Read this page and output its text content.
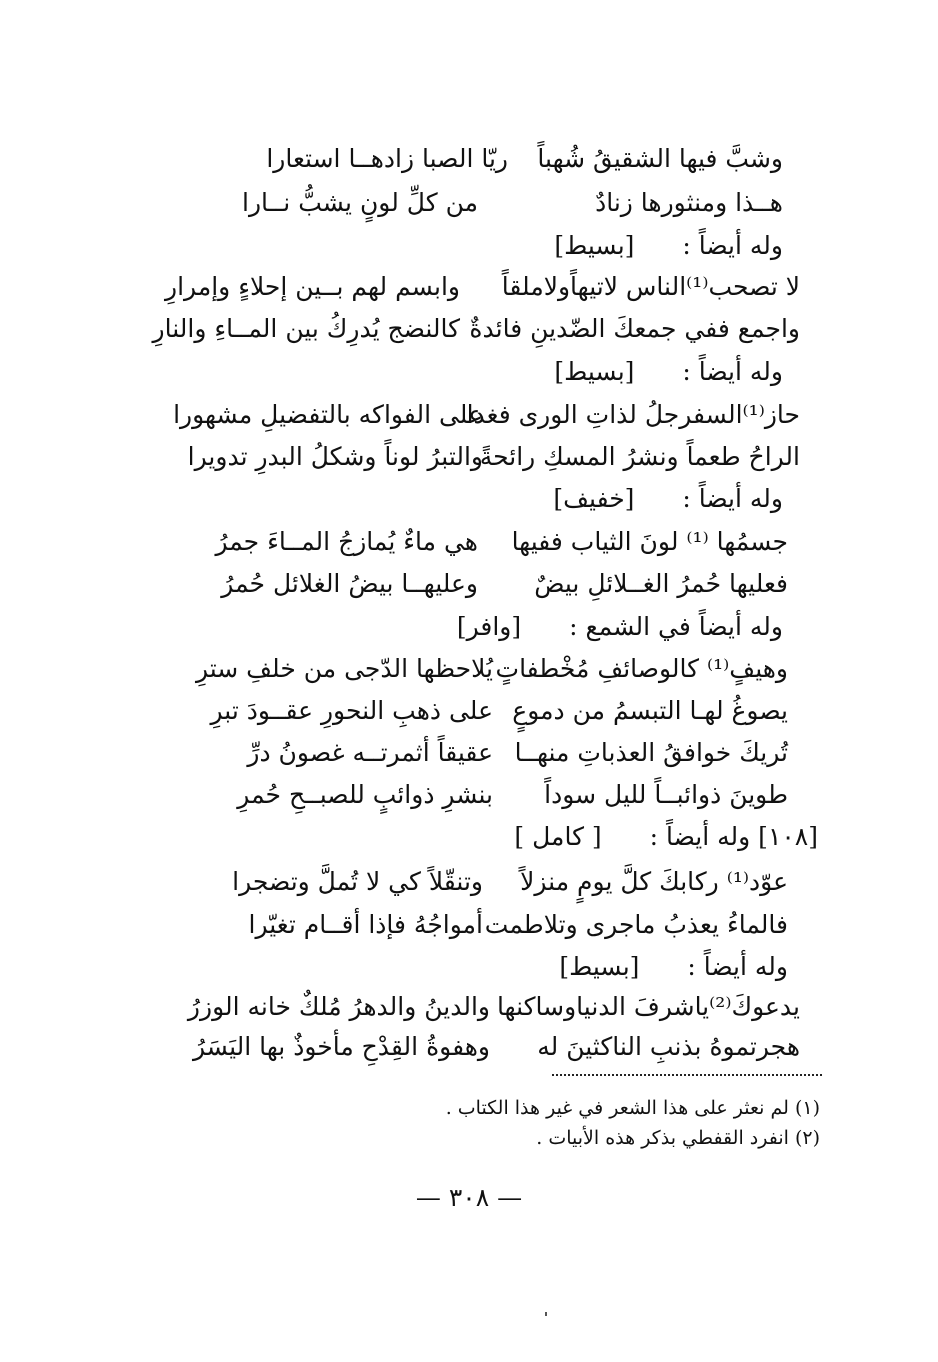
وشبَّ فيها الشقيقُ شُهباً
ريّا الصبا زادهــا استعارا
هــذا ومنثورها زنادٌ
من كلِّ لونٍ يشبُّ نــارا
وله أيضاً : [بسيط]
لا تصحب⁽¹⁾الناس لاتيهاًولاملقاً
وابسم لهم بــين إحلاءٍ وإمرارِ
واجمع ففي جمعكَ الضّدينِ فائدةٌ
كالنضج يُدرِكُ بين المــاءِ والنارِ
وله أيضاً : [بسيط]
حاز⁽¹⁾السفرجلُ لذاتِ الورى فغدا
على الفواكه بالتفضيلِ مشهورا
الراحُ طعماً ونشرُ المسكِ رائحةً
والتبرُ لوناً وشكلُ البدرِ تدويرا
وله أيضاً : [خفيف]
جسمُها ⁽¹⁾ لونَ الثياب ففيها
هي ماءٌ يُمازجُ المــاءَ جمرُ
فعليها حُمرُ الغــلائلِ بيضٌ
وعليهــا بيضُ الغلائل حُمرُ
وله أيضاً في الشمع : [وافر]
وهيفٍ⁽¹⁾ كالوصائفِ مُخْطفاتٍ
يُلاحظها الدّجى من خلفِ سترِ
يصوغُ لهـا التبسمُ من دموعٍ
على ذهبِ النحورِ عقــودَ تبرِ
تُريكَ خوافقُ العذباتِ منهــا
عقيقاً أثمرتــه غصونُ درِّ
طوينَ ذوائبــاً لليل سوداً
بنشرِ ذوائبٍ للصبــحِ حُمرِ
[١٠٨] وله أيضاً : [ كامل ]
عوّد⁽¹⁾ ركابكَ كلَّ يومٍ منزلاً
وتنقّلاً كي لا تُملَّ وتضجرا
فالماءُ يعذبُ ماجرى وتلاطمت
أمواجُهُ فإذا أقــام تغيّرا
وله أيضاً : [بسيط]
يدعوكَ⁽²⁾ياشرفَ الدنياوساكنها
والدينُ والدهرُ مُلكٌ خانه الوزرُ
هجرتموهُ بذنبِ الناكثينَ له
وهفوةُ القِدْحِ مأخوذٌ بها اليَسَرُ
(١) لم نعثر على هذا الشعر في غير هذا الكتاب .
(٢) انفرد القفطي بذكر هذه الأبيات .
— ٣٠٨ —
